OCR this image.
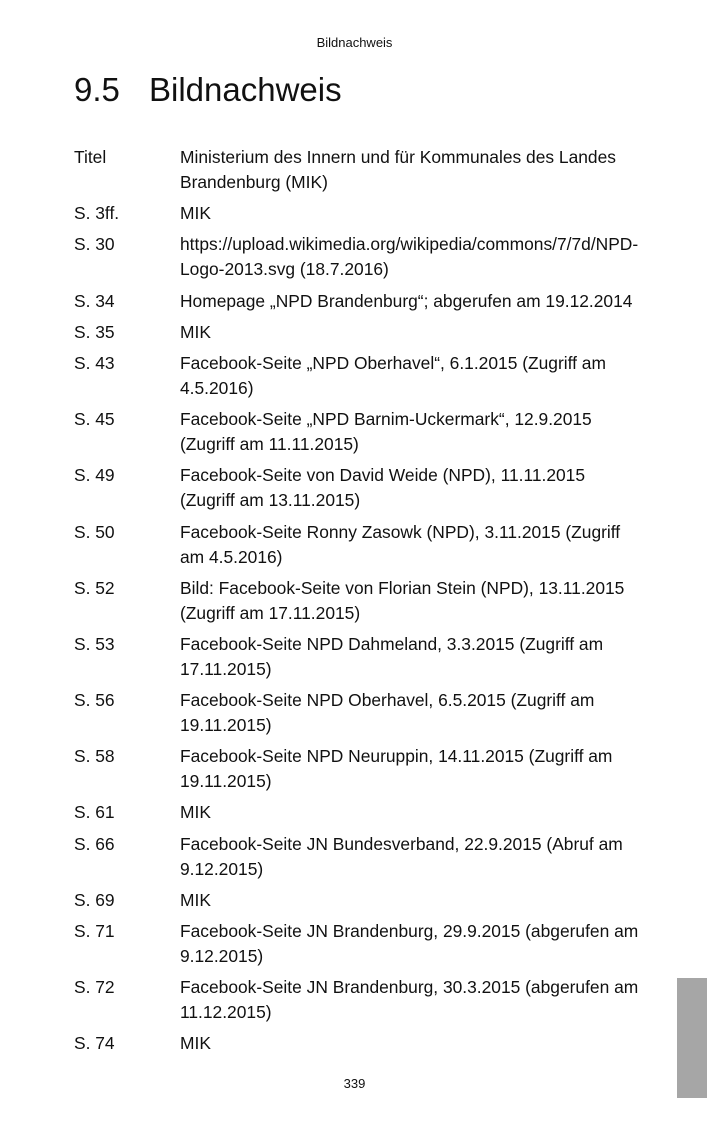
Bildnachweis
9.5 Bildnachweis
Titel	Ministerium des Innern und für Kommunales des Landes Brandenburg (MIK)
S. 3ff.	MIK
S. 30	https://upload.wikimedia.org/wikipedia/commons/7/7d/NPD-Logo-2013.svg (18.7.2016)
S. 34	Homepage „NPD Brandenburg“; abgerufen am 19.12.2014
S. 35	MIK
S. 43	Facebook-Seite „NPD Oberhavel“, 6.1.2015 (Zugriff am 4.5.2016)
S. 45	Facebook-Seite „NPD Barnim-Uckermark“, 12.9.2015 (Zugriff am 11.11.2015)
S. 49	Facebook-Seite von David Weide (NPD), 11.11.2015 (Zugriff am 13.11.2015)
S. 50	Facebook-Seite Ronny Zasowk (NPD), 3.11.2015 (Zugriff am 4.5.2016)
S. 52	Bild: Facebook-Seite von Florian Stein (NPD), 13.11.2015 (Zugriff am 17.11.2015)
S. 53	Facebook-Seite NPD Dahmeland, 3.3.2015 (Zugriff am 17.11.2015)
S. 56	Facebook-Seite NPD Oberhavel, 6.5.2015 (Zugriff am 19.11.2015)
S. 58	Facebook-Seite NPD Neuruppin, 14.11.2015 (Zugriff am 19.11.2015)
S. 61	MIK
S. 66	Facebook-Seite JN Bundesverband, 22.9.2015 (Abruf am 9.12.2015)
S. 69	MIK
S. 71	Facebook-Seite JN Brandenburg, 29.9.2015 (abgerufen am 9.12.2015)
S. 72	Facebook-Seite JN Brandenburg, 30.3.2015 (abgerufen am 11.12.2015)
S. 74	MIK
339
